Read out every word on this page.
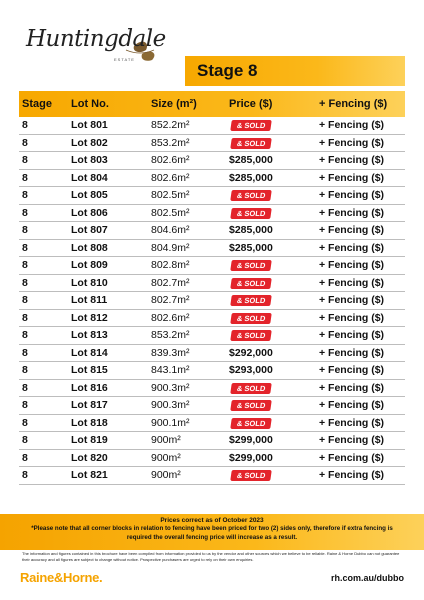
Huntingdale
ESTATE
Stage 8
Stage	Lot No.	Size (m²)	Price ($)	+ Fencing ($)
8	Lot 801	852.2m²	& SOLD	+ Fencing ($)
8	Lot 802	853.2m²	& SOLD	+ Fencing ($)
8	Lot 803	802.6m²	$285,000	+ Fencing ($)
8	Lot 804	802.6m²	$285,000	+ Fencing ($)
8	Lot 805	802.5m²	& SOLD	+ Fencing ($)
8	Lot 806	802.5m²	& SOLD	+ Fencing ($)
8	Lot 807	804.6m²	$285,000	+ Fencing ($)
8	Lot 808	804.9m²	$285,000	+ Fencing ($)
8	Lot 809	802.8m²	& SOLD	+ Fencing ($)
8	Lot 810	802.7m²	& SOLD	+ Fencing ($)
8	Lot 811	802.7m²	& SOLD	+ Fencing ($)
8	Lot 812	802.6m²	& SOLD	+ Fencing ($)
8	Lot 813	853.2m²	& SOLD	+ Fencing ($)
8	Lot 814	839.3m²	$292,000	+ Fencing ($)
8	Lot 815	843.1m²	$293,000	+ Fencing ($)
8	Lot 816	900.3m²	& SOLD	+ Fencing ($)
8	Lot 817	900.3m²	& SOLD	+ Fencing ($)
8	Lot 818	900.1m²	& SOLD	+ Fencing ($)
8	Lot 819	900m²	$299,000	+ Fencing ($)
8	Lot 820	900m²	$299,000	+ Fencing ($)
8	Lot 821	900m²	& SOLD	+ Fencing ($)
Prices correct as of October 2023
*Please note that all corner blocks in relation to fencing have been priced for two (2) sides only, therefore if extra fencing is required the overall fencing price will increase as a result.
The information and figures contained in this brochure have been compiled from information provided to us by the vendor and other sources which we believe to be reliable. Raine & Horne Dubbo can not guarantee their accuracy and all figures are subject to change without notice. Prospective purchasers are urged to rely on their own enquiries.
Raine&Horne.	rh.com.au/dubbo
